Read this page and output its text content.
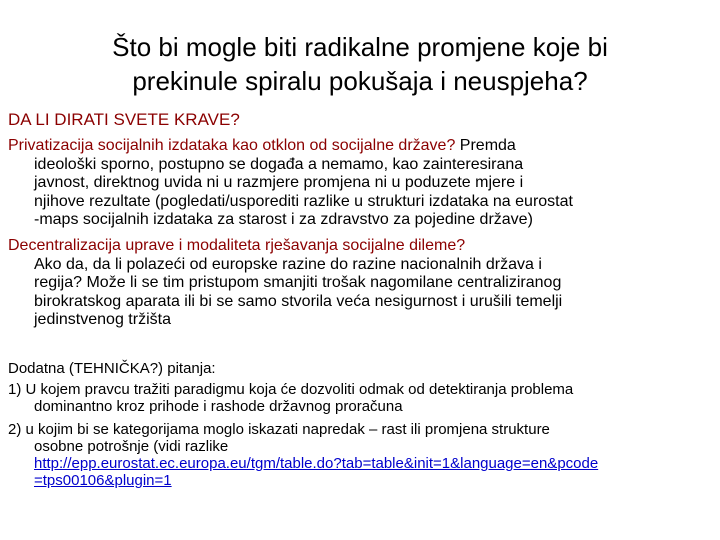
Što bi mogle biti radikalne promjene koje bi
prekinule spiralu pokušaja i neuspjeha?
DA LI DIRATI SVETE KRAVE?
Privatizacija socijalnih izdataka kao otklon od socijalne države? Premda
ideološki sporno, postupno se događa a nemamo, kao zainteresirana
javnost, direktnog uvida ni u razmjere promjena ni u poduzete mjere i
njihove rezultate (pogledati/usporediti razlike u strukturi izdataka na eurostat
-maps socijalnih izdataka za starost i za zdravstvo za pojedine države)
Decentralizacija uprave i modaliteta rješavanja socijalne dileme?
Ako da, da li polazeći od europske razine do razine nacionalnih država i
regija? Može li se tim pristupom smanjiti trošak nagomilane centraliziranog
birokratskog aparata ili bi se samo stvorila veća nesigurnost i urušili temelji
jedinstvenog tržišta
Dodatna (TEHNIČKA?) pitanja:
1) U kojem pravcu tražiti paradigmu koja će dozvoliti odmak od detektiranja problema
dominantno kroz prihode i rashode državnog proračuna
2) u kojim bi se kategorijama moglo iskazati napredak – rast ili promjena strukture
osobne potrošnje (vidi razlike
http://epp.eurostat.ec.europa.eu/tgm/table.do?tab=table&init=1&language=en&pcode
=tps00106&plugin=1
